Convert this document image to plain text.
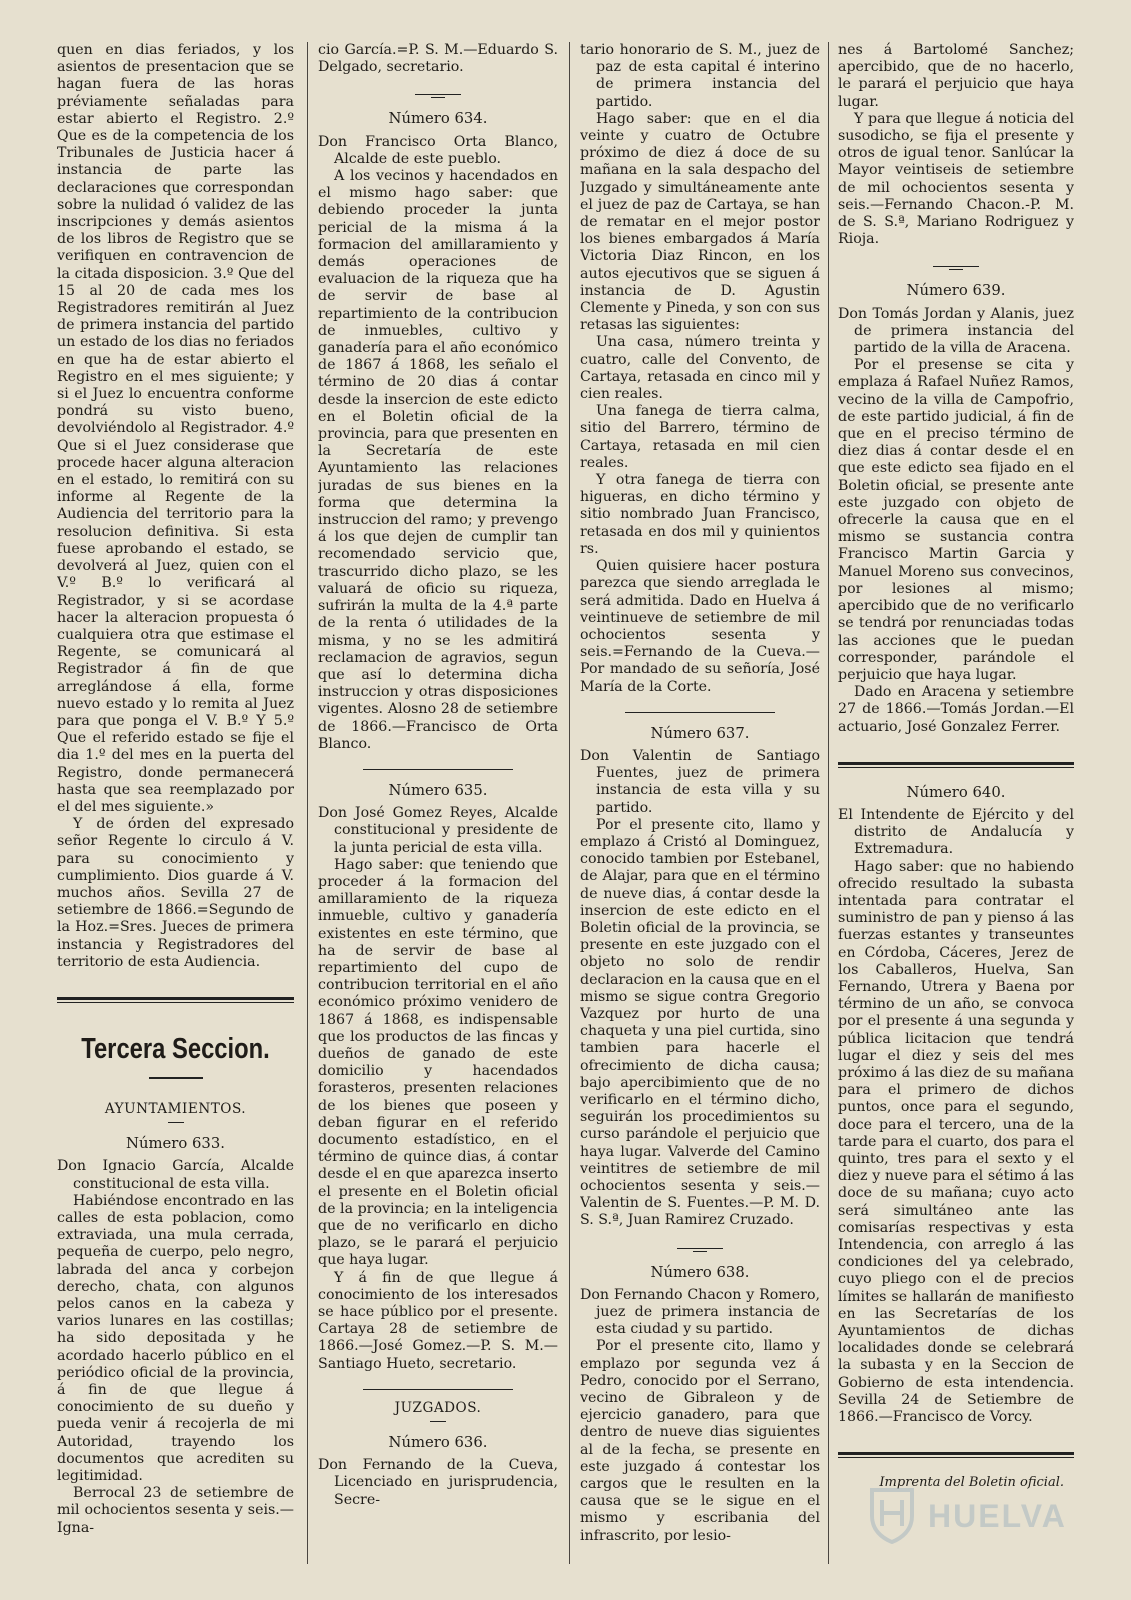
quen en dias feriados, y los asientos de presentacion que se hagan fuera de las horas préviamente señaladas para estar abierto el Registro. 2.º Que es de la competencia de los Tribunales de Justicia hacer á instancia de parte las declaraciones que correspondan sobre la nulidad ó validez de las inscripciones y demás asientos de los libros de Registro que se verifiquen en contravencion de la citada disposicion. 3.º Que del 15 al 20 de cada mes los Registradores remitirán al Juez de primera instancia del partido un estado de los dias no feriados en que ha de estar abierto el Registro en el mes siguiente; y si el Juez lo encuentra conforme pondrá su visto bueno, devolviéndolo al Registrador. 4.º Que si el Juez considerase que procede hacer alguna alteracion en el estado, lo remitirá con su informe al Regente de la Audiencia del territorio para la resolucion definitiva. Si esta fuese aprobando el estado, se devolverá al Juez, quien con el V.º B.º lo verificará al Registrador, y si se acordase hacer la alteracion propuesta ó cualquiera otra que estimase el Regente, se comunicará al Registrador á fin de que arreglándose á ella, forme nuevo estado y lo remita al Juez para que ponga el V. B.º Y 5.º Que el referido estado se fije el dia 1.º del mes en la puerta del Registro, donde permanecerá hasta que sea reemplazado por el del mes siguiente.»

Y de órden del expresado señor Regente lo circulo á V. para su conocimiento y cumplimiento. Dios guarde á V. muchos años. Sevilla 27 de setiembre de 1866.=Segundo de la Hoz.=Sres. Jueces de primera instancia y Registradores del territorio de esta Audiencia.

Tercera Seccion.
AYUNTAMIENTOS.
Número 633.

Don Ignacio García, Alcalde constitucional de esta villa.

Habiéndose encontrado en las calles de esta poblacion, como extraviada, una mula cerrada, pequeña de cuerpo, pelo negro, labrada del anca y corbejon derecho, chata, con algunos pelos canos en la cabeza y varios lunares en las costillas; ha sido depositada y he acordado hacerlo público en el periódico oficial de la provincia, á fin de que llegue á conocimiento de su dueño y pueda venir á recojerla de mi Autoridad, trayendo los documentos que acrediten su legitimidad.

Berrocal 23 de setiembre de mil ochocientos sesenta y seis.—Igna-

cio García.=P. S. M.—Eduardo S. Delgado, secretario.

Número 634.

Don Francisco Orta Blanco, Alcalde de este pueblo.

A los vecinos y hacendados en el mismo hago saber: que debiendo proceder la junta pericial de la misma á la formacion del amillaramiento y demás operaciones de evaluacion de la riqueza que ha de servir de base al repartimiento de la contribucion de inmuebles, cultivo y ganadería para el año económico de 1867 á 1868, les señalo el término de 20 dias á contar desde la insercion de este edicto en el Boletin oficial de la provincia, para que presenten en la Secretaría de este Ayuntamiento las relaciones juradas de sus bienes en la forma que determina la instruccion del ramo; y prevengo á los que dejen de cumplir tan recomendado servicio que, trascurrido dicho plazo, se les valuará de oficio su riqueza, sufrirán la multa de la 4.ª parte de la renta ó utilidades de la misma, y no se les admitirá reclamacion de agravios, segun que así lo determina dicha instruccion y otras disposiciones vigentes. Alosno 28 de setiembre de 1866.—Francisco de Orta Blanco.

Número 635.

Don José Gomez Reyes, Alcalde constitucional y presidente de la junta pericial de esta villa.

Hago saber: que teniendo que proceder á la formacion del amillaramiento de la riqueza inmueble, cultivo y ganadería existentes en este término, que ha de servir de base al repartimiento del cupo de contribucion territorial en el año económico próximo venidero de 1867 á 1868, es indispensable que los productos de las fincas y dueños de ganado de este domicilio y hacendados forasteros, presenten relaciones de los bienes que poseen y deban figurar en el referido documento estadístico, en el término de quince dias, á contar desde el en que aparezca inserto el presente en el Boletin oficial de la provincia; en la inteligencia que de no verificarlo en dicho plazo, se le parará el perjuicio que haya lugar.

Y á fin de que llegue á conocimiento de los interesados se hace público por el presente. Cartaya 28 de setiembre de 1866.—José Gomez.—P. S. M.—Santiago Hueto, secretario.

JUZGADOS.
Número 636.

Don Fernando de la Cueva, Licenciado en jurisprudencia, Secre-

tario honorario de S. M., juez de paz de esta capital é interino de primera instancia del partido.

Hago saber: que en el dia veinte y cuatro de Octubre próximo de diez á doce de su mañana en la sala despacho del Juzgado y simultáneamente ante el juez de paz de Cartaya, se han de rematar en el mejor postor los bienes embargados á María Victoria Diaz Rincon, en los autos ejecutivos que se siguen á instancia de D. Agustin Clemente y Pineda, y son con sus retasas las siguientes:

Una casa, número treinta y cuatro, calle del Convento, de Cartaya, retasada en cinco mil y cien reales.

Una fanega de tierra calma, sitio del Barrero, término de Cartaya, retasada en mil cien reales.

Y otra fanega de tierra con higueras, en dicho término y sitio nombrado Juan Francisco, retasada en dos mil y quinientos rs.

Quien quisiere hacer postura parezca que siendo arreglada le será admitida. Dado en Huelva á veintinueve de setiembre de mil ochocientos sesenta y seis.=Fernando de la Cueva.—Por mandado de su señoría, José María de la Corte.

Número 637.

Don Valentin de Santiago Fuentes, juez de primera instancia de esta villa y su partido.

Por el presente cito, llamo y emplazo á Cristó al Dominguez, conocido tambien por Estebanel, de Alajar, para que en el término de nueve dias, á contar desde la insercion de este edicto en el Boletin oficial de la provincia, se presente en este juzgado con el objeto no solo de rendir declaracion en la causa que en el mismo se sigue contra Gregorio Vazquez por hurto de una chaqueta y una piel curtida, sino tambien para hacerle el ofrecimiento de dicha causa; bajo apercibimiento que de no verificarlo en el término dicho, seguirán los procedimientos su curso parándole el perjuicio que haya lugar. Valverde del Camino veintitres de setiembre de mil ochocientos sesenta y seis.—Valentin de S. Fuentes.—P. M. D. S. S.ª, Juan Ramirez Cruzado.

Número 638.

Don Fernando Chacon y Romero, juez de primera instancia de esta ciudad y su partido.

Por el presente cito, llamo y emplazo por segunda vez á Pedro, conocido por el Serrano, vecino de Gibraleon y de ejercicio ganadero, para que dentro de nueve dias siguientes al de la fecha, se presente en este juzgado á contestar los cargos que le resulten en la causa que se le sigue en el mismo y escribania del infrascrito, por lesio-

nes á Bartolomé Sanchez; apercibido, que de no hacerlo, le parará el perjuicio que haya lugar.

Y para que llegue á noticia del susodicho, se fija el presente y otros de igual tenor. Sanlúcar la Mayor veintiseis de setiembre de mil ochocientos sesenta y seis.—Fernando Chacon.-P. M. de S. S.ª, Mariano Rodriguez y Rioja.

Número 639.

Don Tomás Jordan y Alanis, juez de primera instancia del partido de la villa de Aracena.

Por el presense se cita y emplaza á Rafael Nuñez Ramos, vecino de la villa de Campofrio, de este partido judicial, á fin de que en el preciso término de diez dias á contar desde el en que este edicto sea fijado en el Boletin oficial, se presente ante este juzgado con objeto de ofrecerle la causa que en el mismo se sustancia contra Francisco Martin Garcia y Manuel Moreno sus convecinos, por lesiones al mismo; apercibido que de no verificarlo se tendrá por renunciadas todas las acciones que le puedan corresponder, parándole el perjuicio que haya lugar.

Dado en Aracena y setiembre 27 de 1866.—Tomás Jordan.—El actuario, José Gonzalez Ferrer.

Número 640.

El Intendente de Ejército y del distrito de Andalucía y Extremadura.

Hago saber: que no habiendo ofrecido resultado la subasta intentada para contratar el suministro de pan y pienso á las fuerzas estantes y transeuntes en Córdoba, Cáceres, Jerez de los Caballeros, Huelva, San Fernando, Utrera y Baena por término de un año, se convoca por el presente á una segunda y pública licitacion que tendrá lugar el diez y seis del mes próximo á las diez de su mañana para el primero de dichos puntos, once para el segundo, doce para el tercero, una de la tarde para el cuarto, dos para el quinto, tres para el sexto y el diez y nueve para el sétimo á las doce de su mañana; cuyo acto será simultáneo ante las comisarías respectivas y esta Intendencia, con arreglo á las condiciones del ya celebrado, cuyo pliego con el de precios límites se hallarán de manifiesto en las Secretarías de los Ayuntamientos de dichas localidades donde se celebrará la subasta y en la Seccion de Gobierno de esta intendencia. Sevilla 24 de Setiembre de 1866.—Francisco de Vorcy.

Imprenta del Boletin oficial.
HUELVA
